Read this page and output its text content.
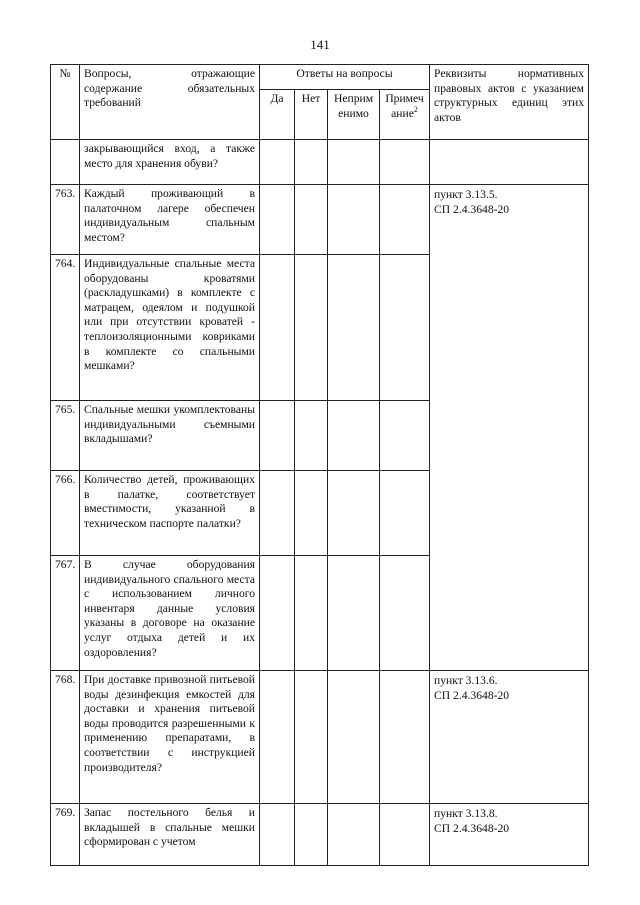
141
№	Вопросы, отражающие содержание обязательных требований	Ответы на вопросы				Реквизиты нормативных правовых актов с указанием структурных единиц этих актов
		Да	Нет	Неприменимо	Примечание$^2$
	закрывающийся вход, а также место для хранения обуви?					
763.	Каждый проживающий в палаточном лагере обеспечен индивидуальным спальным местом?					пункт 3.13.5.
СП 2.4.3648-20
764.	Индивидуальные спальные места оборудованы кроватями (раскладушками) в комплекте с матрацем, одеялом и подушкой или при отсутствии кроватей - теплоизоляционными ковриками в комплекте со спальными мешками?					
765.	Спальные мешки укомплектованы индивидуальными съемными вкладышами?					
766.	Количество детей, проживающих в палатке, соответствует вместимости, указанной в техническом паспорте палатки?					
767.	В случае оборудования индивидуального спального места с использованием личного инвентаря данные условия указаны в договоре на оказание услуг отдыха детей и их оздоровления?					
768.	При доставке привозной питьевой воды дезинфекция емкостей для доставки и хранения питьевой воды проводится разрешенными к применению препаратами, в соответствии с инструкцией производителя?					пункт 3.13.6.
СП 2.4.3648-20
769.	Запас постельного белья и вкладышей в спальные мешки сформирован с учетом					пункт 3.13.8.
СП 2.4.3648-20
